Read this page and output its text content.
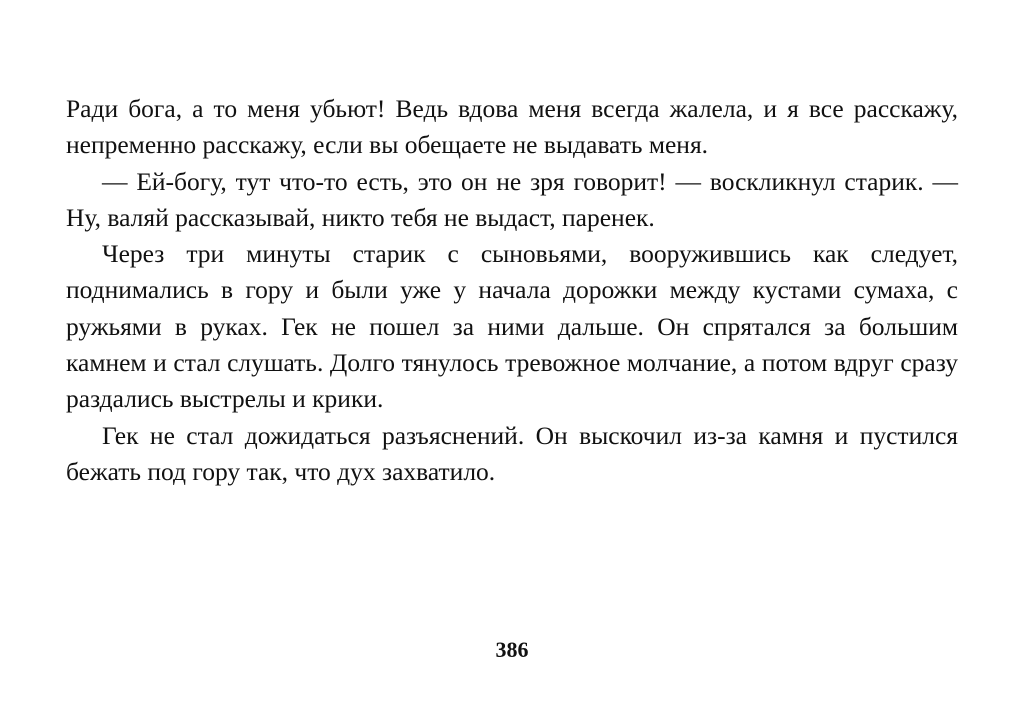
Ради бога, а то меня убьют! Ведь вдова меня всегда жалела, и я все расскажу, непременно расскажу, если вы обещаете не выдавать меня.

— Ей-богу, тут что-то есть, это он не зря говорит! — воскликнул старик. — Ну, валяй рассказывай, никто тебя не выдаст, паренек.

Через три минуты старик с сыновьями, вооружившись как следует, поднимались в гору и были уже у начала дорожки между кустами сумаха, с ружьями в руках. Гек не пошел за ними дальше. Он спрятался за большим камнем и стал слушать. Долго тянулось тревожное молчание, а потом вдруг сразу раздались выстрелы и крики.

Гек не стал дожидаться разъяснений. Он выскочил из-за камня и пустился бежать под гору так, что дух захватило.

386
